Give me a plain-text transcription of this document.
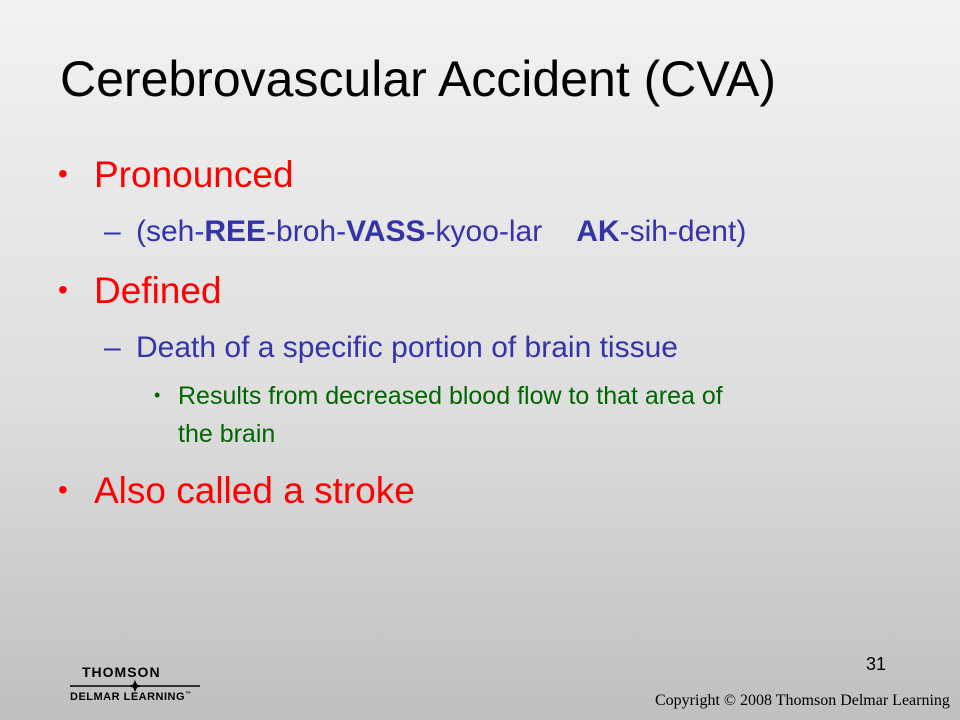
Cerebrovascular Accident (CVA)
• Pronounced
– (seh-REE-broh-VASS-kyoo-lar AK-sih-dent)
• Defined
– Death of a specific portion of brain tissue
• Results from decreased blood flow to that area of
the brain
• Also called a stroke
31
THOMSON
DELMAR LEARNING™	Copyright © 2008 Thomson Delmar Learning
